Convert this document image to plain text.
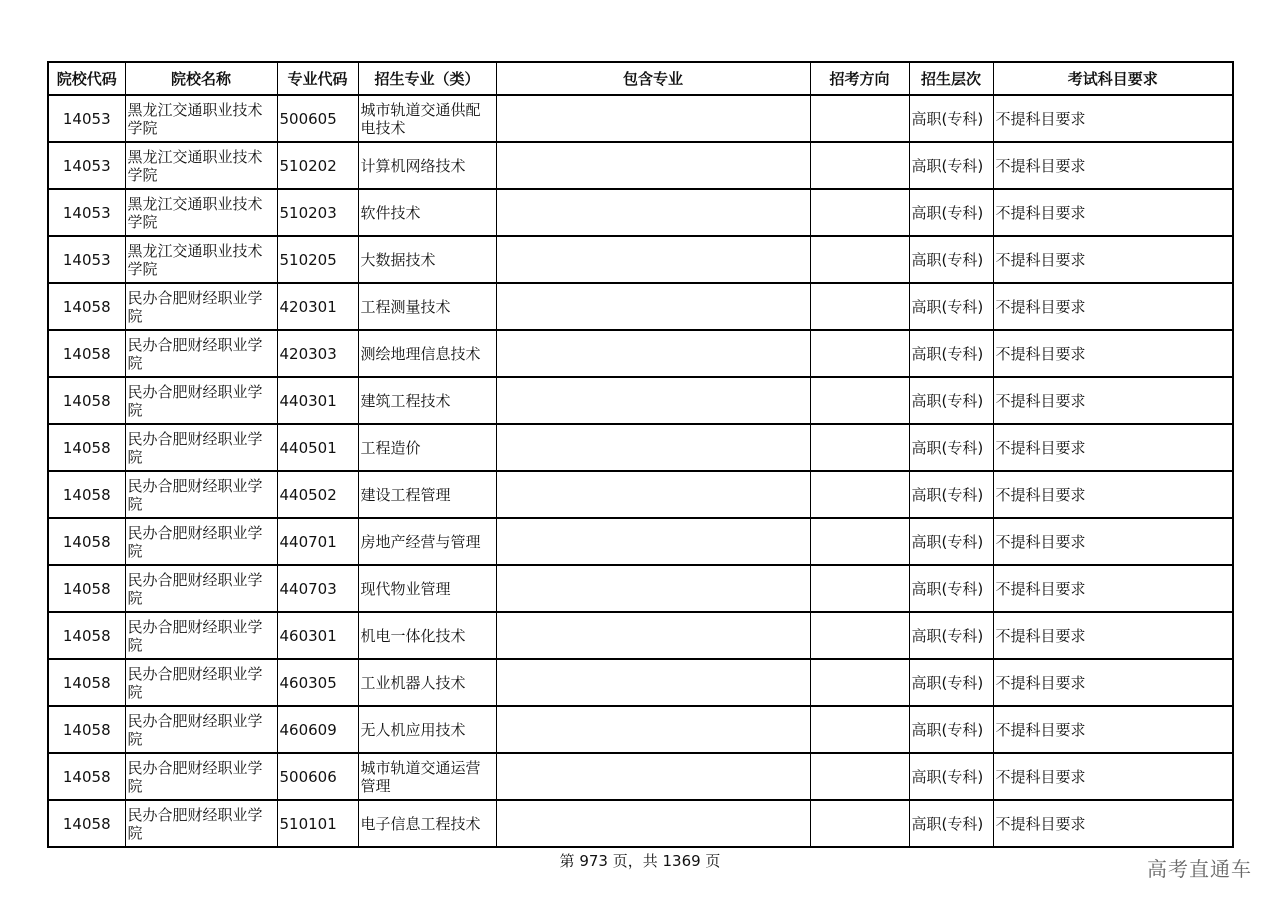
院校代码	院校名称	专业代码	招生专业（类）	包含专业	招考方向	招生层次	考试科目要求
14053	黑龙江交通职业技术学院	500605	城市轨道交通供配电技术			高职(专科)	不提科目要求
14053	黑龙江交通职业技术学院	510202	计算机网络技术			高职(专科)	不提科目要求
14053	黑龙江交通职业技术学院	510203	软件技术			高职(专科)	不提科目要求
14053	黑龙江交通职业技术学院	510205	大数据技术			高职(专科)	不提科目要求
14058	民办合肥财经职业学院	420301	工程测量技术			高职(专科)	不提科目要求
14058	民办合肥财经职业学院	420303	测绘地理信息技术			高职(专科)	不提科目要求
14058	民办合肥财经职业学院	440301	建筑工程技术			高职(专科)	不提科目要求
14058	民办合肥财经职业学院	440501	工程造价			高职(专科)	不提科目要求
14058	民办合肥财经职业学院	440502	建设工程管理			高职(专科)	不提科目要求
14058	民办合肥财经职业学院	440701	房地产经营与管理			高职(专科)	不提科目要求
14058	民办合肥财经职业学院	440703	现代物业管理			高职(专科)	不提科目要求
14058	民办合肥财经职业学院	460301	机电一体化技术			高职(专科)	不提科目要求
14058	民办合肥财经职业学院	460305	工业机器人技术			高职(专科)	不提科目要求
14058	民办合肥财经职业学院	460609	无人机应用技术			高职(专科)	不提科目要求
14058	民办合肥财经职业学院	500606	城市轨道交通运营管理			高职(专科)	不提科目要求
14058	民办合肥财经职业学院	510101	电子信息工程技术			高职(专科)	不提科目要求
第 973 页，共 1369 页	高考直通车
